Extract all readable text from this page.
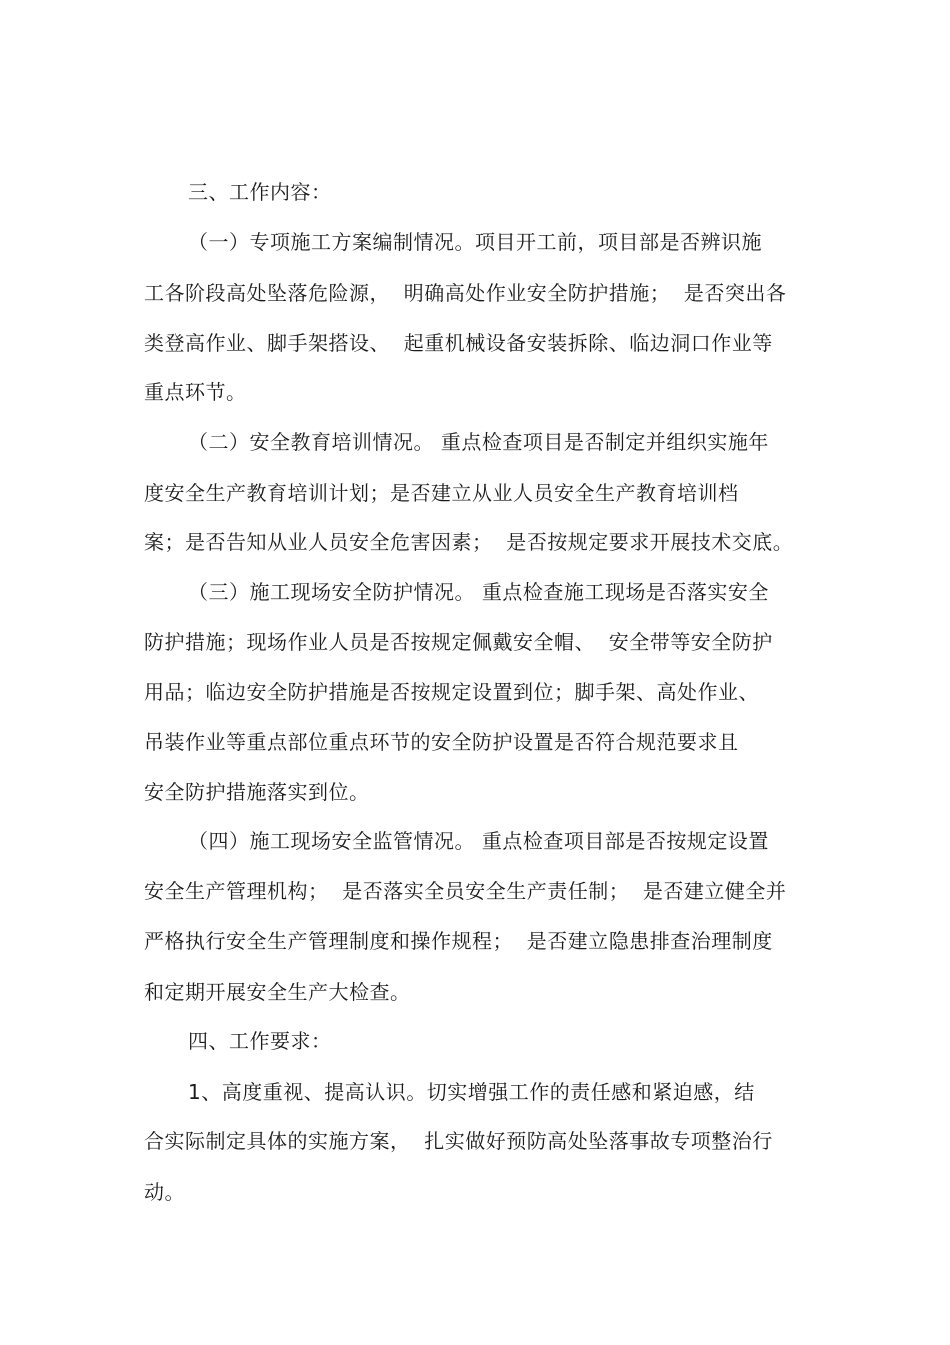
三、工作内容：
（一）专项施工方案编制情况。项目开工前，项目部是否辨识施
工各阶段高处坠落危险源，  明确高处作业安全防护措施；  是否突出各
类登高作业、脚手架搭设、  起重机械设备安装拆除、临边洞口作业等
重点环节。
（二）安全教育培训情况。 重点检查项目是否制定并组织实施年
度安全生产教育培训计划；是否建立从业人员安全生产教育培训档
案；是否告知从业人员安全危害因素；  是否按规定要求开展技术交底。
（三）施工现场安全防护情况。 重点检查施工现场是否落实安全
防护措施；现场作业人员是否按规定佩戴安全帽、  安全带等安全防护
用品；临边安全防护措施是否按规定设置到位；脚手架、高处作业、
吊装作业等重点部位重点环节的安全防护设置是否符合规范要求且
安全防护措施落实到位。
（四）施工现场安全监管情况。 重点检查项目部是否按规定设置
安全生产管理机构；  是否落实全员安全生产责任制；  是否建立健全并
严格执行安全生产管理制度和操作规程；  是否建立隐患排查治理制度
和定期开展安全生产大检查。
四、工作要求：
1、高度重视、提高认识。切实增强工作的责任感和紧迫感，结
合实际制定具体的实施方案，  扎实做好预防高处坠落事故专项整治行
动。
